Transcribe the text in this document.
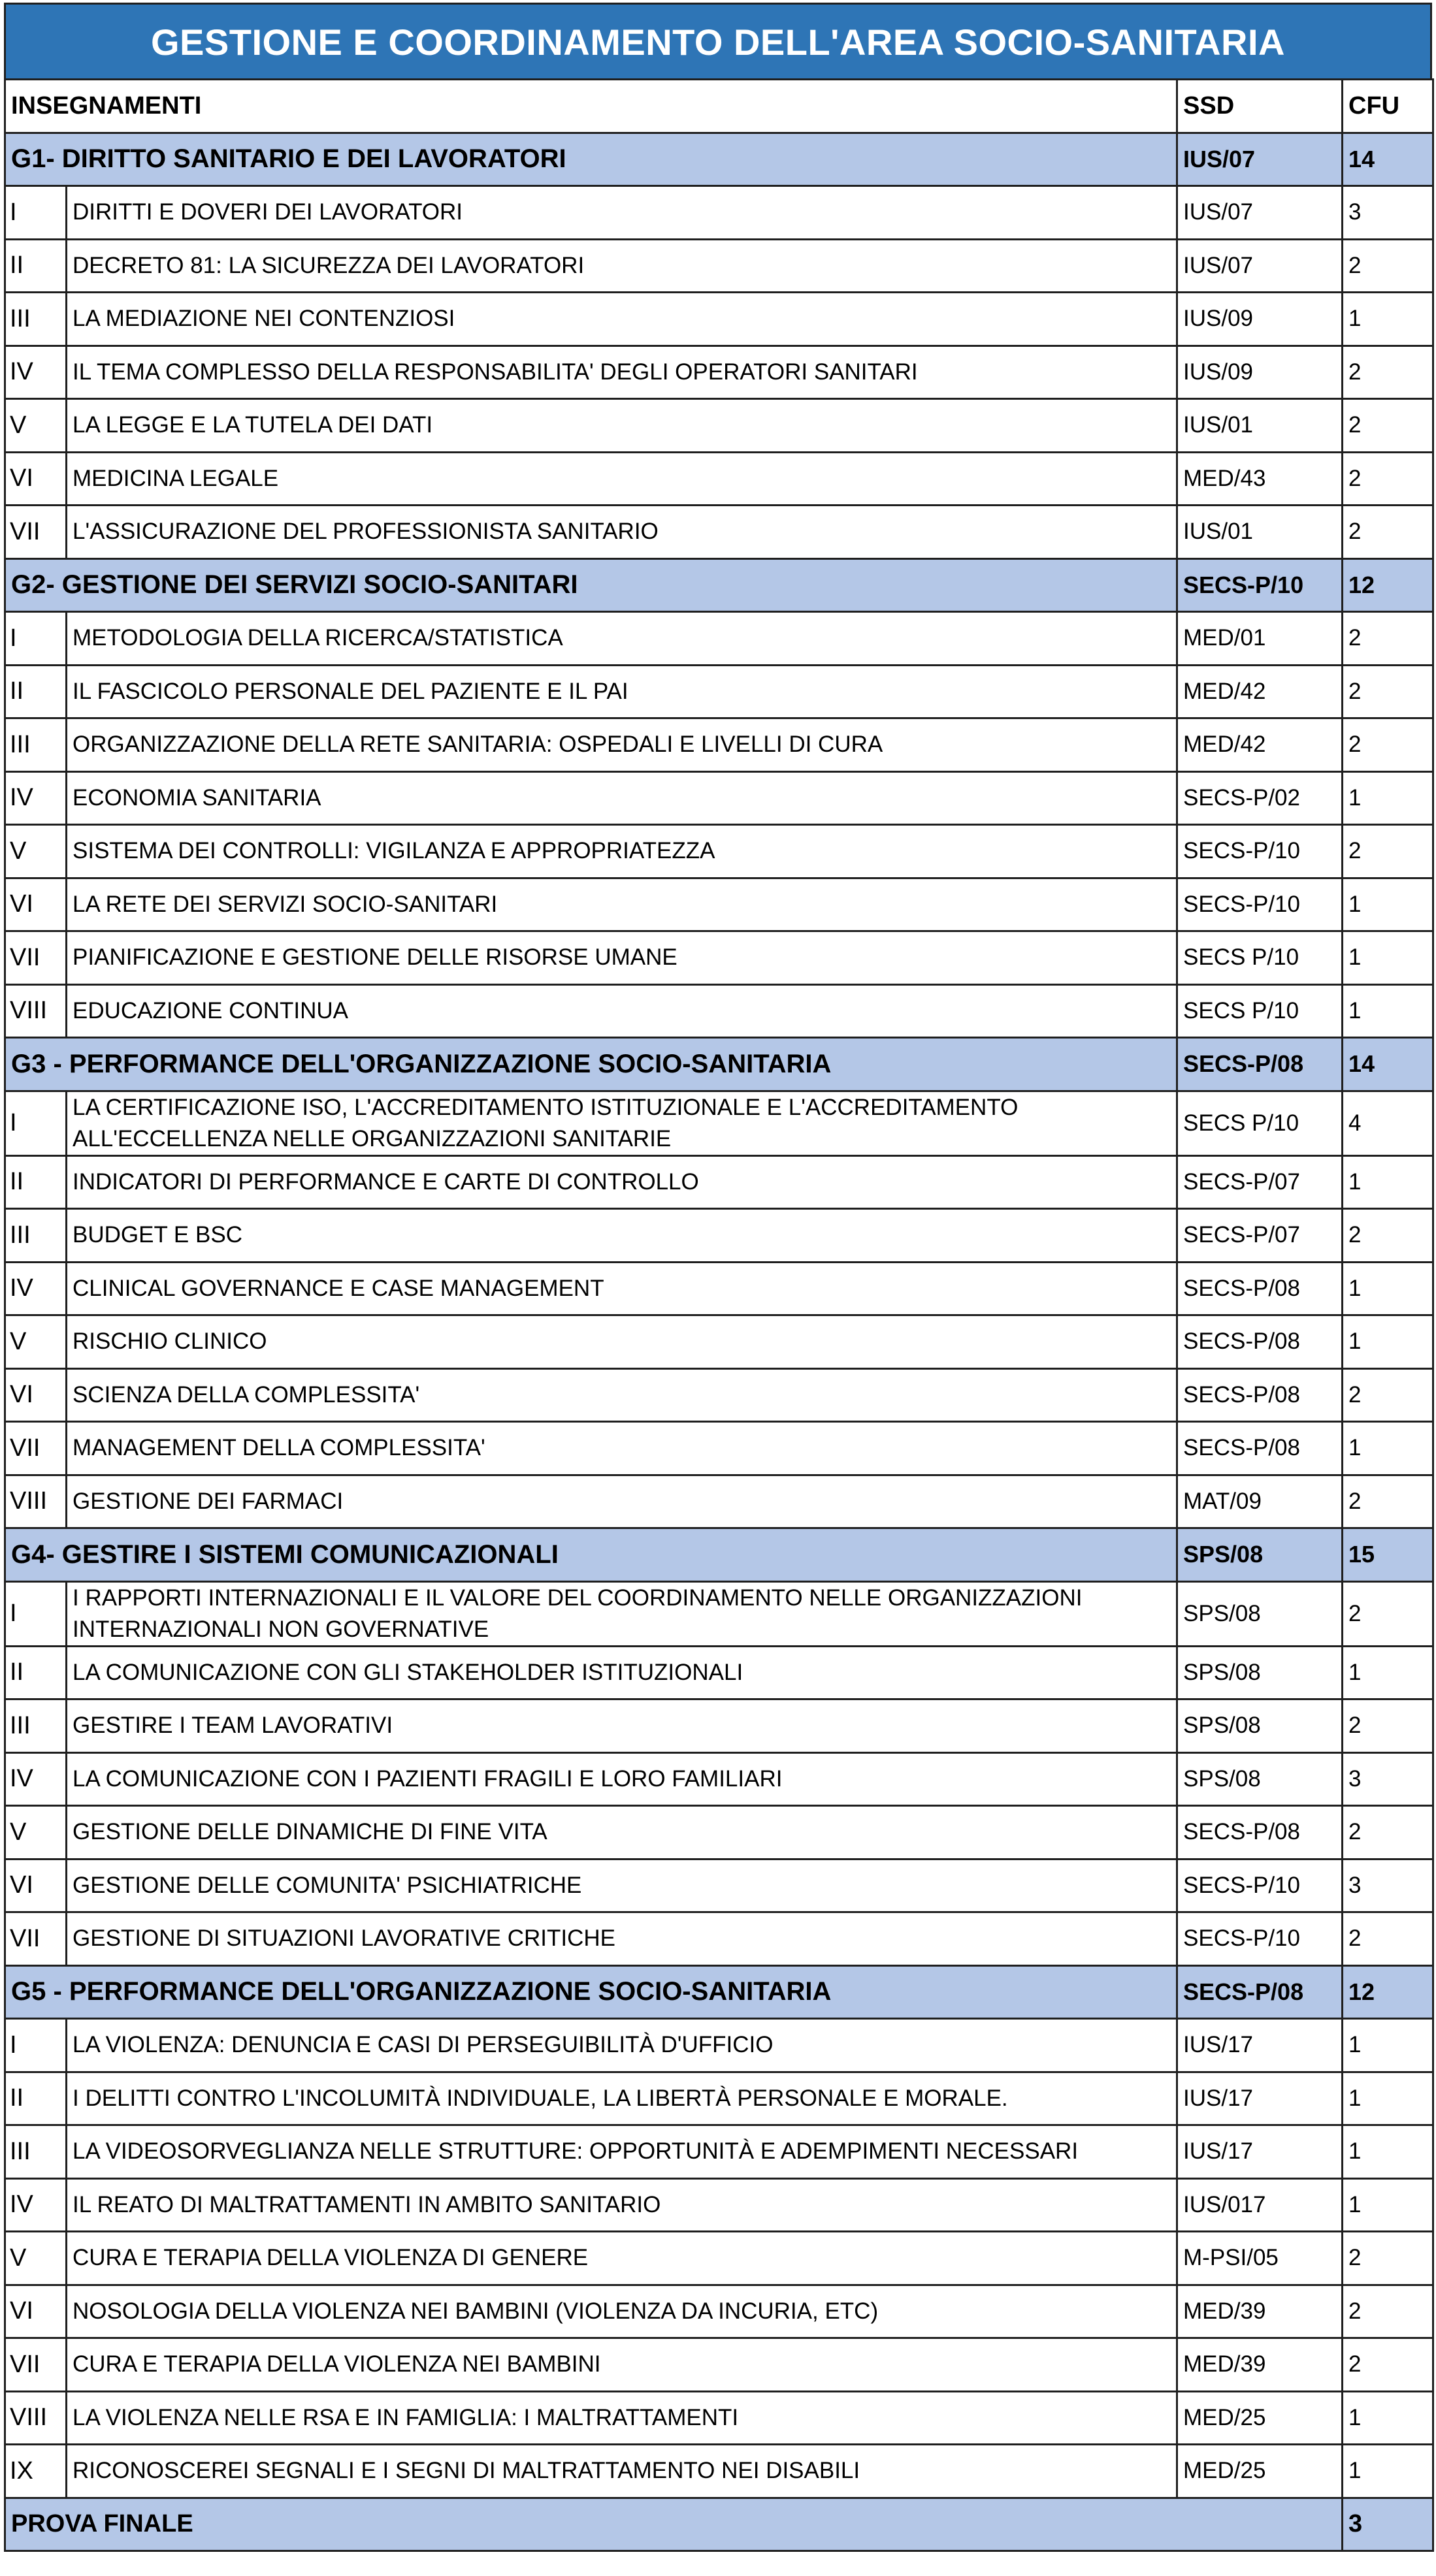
GESTIONE E COORDINAMENTO DELL'AREA SOCIO-SANITARIA
INSEGNAMENTI		SSD	CFU
G1- DIRITTO SANITARIO E DEI LAVORATORI		IUS/07	14
I	DIRITTI E DOVERI DEI LAVORATORI	IUS/07	3
II	DECRETO 81: LA SICUREZZA DEI LAVORATORI	IUS/07	2
III	LA MEDIAZIONE NEI CONTENZIOSI	IUS/09	1
IV	IL TEMA COMPLESSO DELLA RESPONSABILITA' DEGLI OPERATORI SANITARI	IUS/09	2
V	LA LEGGE E LA TUTELA DEI DATI	IUS/01	2
VI	MEDICINA LEGALE	MED/43	2
VII	L'ASSICURAZIONE DEL PROFESSIONISTA SANITARIO	IUS/01	2
G2- GESTIONE DEI SERVIZI SOCIO-SANITARI		SECS-P/10	12
I	METODOLOGIA DELLA RICERCA/STATISTICA	MED/01	2
II	IL FASCICOLO PERSONALE DEL PAZIENTE E IL PAI	MED/42	2
III	ORGANIZZAZIONE DELLA RETE SANITARIA: OSPEDALI E LIVELLI DI CURA	MED/42	2
IV	ECONOMIA SANITARIA	SECS-P/02	1
V	SISTEMA DEI CONTROLLI: VIGILANZA E APPROPRIATEZZA	SECS-P/10	2
VI	LA RETE DEI SERVIZI SOCIO-SANITARI	SECS-P/10	1
VII	PIANIFICAZIONE E GESTIONE DELLE RISORSE UMANE	SECS P/10	1
VIII	EDUCAZIONE CONTINUA	SECS P/10	1
G3 - PERFORMANCE DELL'ORGANIZZAZIONE SOCIO-SANITARIA		SECS-P/08	14
I	LA CERTIFICAZIONE ISO, L'ACCREDITAMENTO ISTITUZIONALE E L'ACCREDITAMENTO ALL'ECCELLENZA NELLE ORGANIZZAZIONI SANITARIE	SECS P/10	4
II	INDICATORI DI PERFORMANCE E CARTE DI CONTROLLO	SECS-P/07	1
III	BUDGET E BSC	SECS-P/07	2
IV	CLINICAL GOVERNANCE E CASE MANAGEMENT	SECS-P/08	1
V	RISCHIO CLINICO	SECS-P/08	1
VI	SCIENZA DELLA COMPLESSITA'	SECS-P/08	2
VII	MANAGEMENT DELLA COMPLESSITA'	SECS-P/08	1
VIII	GESTIONE DEI FARMACI	MAT/09	2
G4- GESTIRE I SISTEMI COMUNICAZIONALI		SPS/08	15
I	I RAPPORTI INTERNAZIONALI E IL VALORE DEL COORDINAMENTO NELLE ORGANIZZAZIONI INTERNAZIONALI NON GOVERNATIVE	SPS/08	2
II	LA COMUNICAZIONE CON GLI STAKEHOLDER ISTITUZIONALI	SPS/08	1
III	GESTIRE I TEAM LAVORATIVI	SPS/08	2
IV	LA COMUNICAZIONE CON I PAZIENTI FRAGILI E LORO FAMILIARI	SPS/08	3
V	GESTIONE DELLE DINAMICHE DI FINE VITA	SECS-P/08	2
VI	GESTIONE DELLE COMUNITA' PSICHIATRICHE	SECS-P/10	3
VII	GESTIONE DI SITUAZIONI LAVORATIVE CRITICHE	SECS-P/10	2
G5 - PERFORMANCE DELL'ORGANIZZAZIONE SOCIO-SANITARIA		SECS-P/08	12
I	LA VIOLENZA: DENUNCIA E CASI DI PERSEGUIBILITÀ D'UFFICIO	IUS/17	1
II	I DELITTI CONTRO L'INCOLUMITÀ INDIVIDUALE, LA LIBERTÀ PERSONALE E MORALE.	IUS/17	1
III	LA VIDEOSORVEGLIANZA NELLE STRUTTURE: OPPORTUNITÀ E ADEMPIMENTI NECESSARI	IUS/17	1
IV	IL REATO DI MALTRATTAMENTI IN AMBITO SANITARIO	IUS/017	1
V	CURA E TERAPIA DELLA VIOLENZA DI GENERE	M-PSI/05	2
VI	NOSOLOGIA DELLA VIOLENZA NEI BAMBINI (VIOLENZA DA INCURIA, ETC)	MED/39	2
VII	CURA E TERAPIA DELLA VIOLENZA NEI BAMBINI	MED/39	2
VIII	LA VIOLENZA NELLE RSA E IN FAMIGLIA: I MALTRATTAMENTI	MED/25	1
IX	RICONOSCEREI SEGNALI E I SEGNI DI MALTRATTAMENTO NEI DISABILI	MED/25	1
PROVA FINALE			3
